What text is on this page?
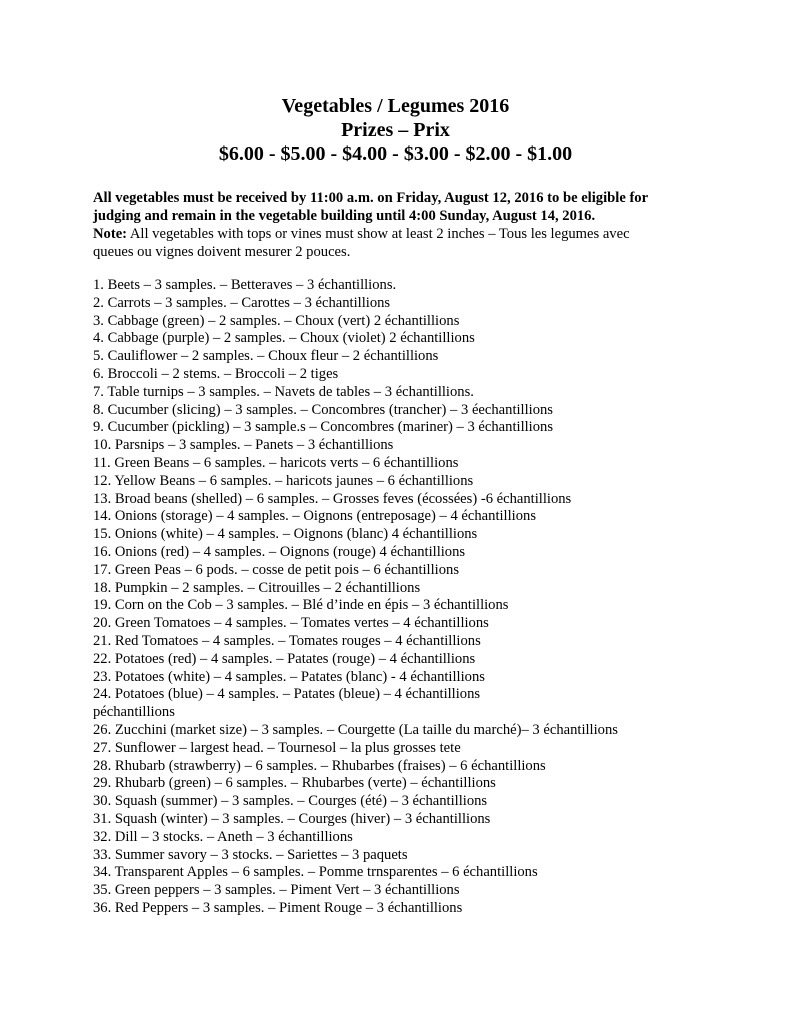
Vegetables / Legumes 2016
Prizes – Prix
$6.00 - $5.00 - $4.00 - $3.00 - $2.00 - $1.00
All vegetables must be received by 11:00 a.m. on Friday, August 12, 2016 to be eligible for
judging and remain in the vegetable building until 4:00 Sunday, August 14, 2016.
Note: All vegetables with tops or vines must show at least 2 inches – Tous les legumes avec
queues ou vignes doivent mesurer 2 pouces.
1. Beets – 3 samples. – Betteraves – 3 échantillions.
2. Carrots – 3 samples. – Carottes – 3 échantillions
3. Cabbage (green) – 2 samples. – Choux (vert) 2 échantillions
4. Cabbage (purple) – 2 samples. – Choux (violet) 2 échantillions
5. Cauliflower – 2 samples. – Choux fleur – 2 échantillions
6. Broccoli – 2 stems. – Broccoli – 2 tiges
7. Table turnips – 3 samples. – Navets de tables – 3 échantillions.
8. Cucumber (slicing) – 3 samples. – Concombres (trancher) – 3 éechantillions
9. Cucumber (pickling) – 3 sample.s – Concombres (mariner) – 3 échantillions
10. Parsnips – 3 samples. – Panets – 3 échantillions
11. Green Beans – 6 samples. – haricots verts – 6 échantillions
12. Yellow Beans – 6 samples. – haricots jaunes – 6 échantillions
13. Broad beans (shelled) – 6 samples. – Grosses feves (écossées) -6 échantillions
14. Onions (storage) – 4 samples. – Oignons (entreposage) – 4 échantillions
15. Onions (white) – 4 samples. – Oignons (blanc) 4 échantillions
16. Onions (red) – 4 samples. – Oignons (rouge) 4 échantillions
17. Green Peas – 6 pods. – cosse de petit pois – 6 échantillions
18. Pumpkin – 2 samples. – Citrouilles – 2 échantillions
19. Corn on the Cob – 3 samples. – Blé d’inde en épis – 3 échantillions
20. Green Tomatoes – 4 samples. – Tomates vertes – 4 échantillions
21. Red Tomatoes – 4 samples. – Tomates rouges – 4 échantillions
22. Potatoes (red) – 4 samples. – Patates (rouge) – 4 échantillions
23. Potatoes (white) – 4 samples. – Patates (blanc) - 4 échantillions
24. Potatoes (blue) – 4 samples. – Patates (bleue) – 4 échantillions
péchantillions
26. Zucchini (market size) – 3 samples. – Courgette (La taille du marché)– 3 échantillions
27. Sunflower – largest head. – Tournesol – la plus grosses tete
28. Rhubarb (strawberry) – 6 samples. – Rhubarbes (fraises) – 6 échantillions
29. Rhubarb (green) – 6 samples. – Rhubarbes (verte) – échantillions
30. Squash (summer) – 3 samples. – Courges (été) – 3 échantillions
31. Squash (winter) – 3 samples. – Courges (hiver) – 3 échantillions
32. Dill – 3 stocks. – Aneth – 3 échantillions
33. Summer savory – 3 stocks. – Sariettes – 3 paquets
34. Transparent Apples – 6 samples. – Pomme trnsparentes – 6 échantillions
35. Green peppers – 3 samples. – Piment Vert – 3 échantillions
36. Red Peppers – 3 samples. – Piment Rouge – 3 échantillions
